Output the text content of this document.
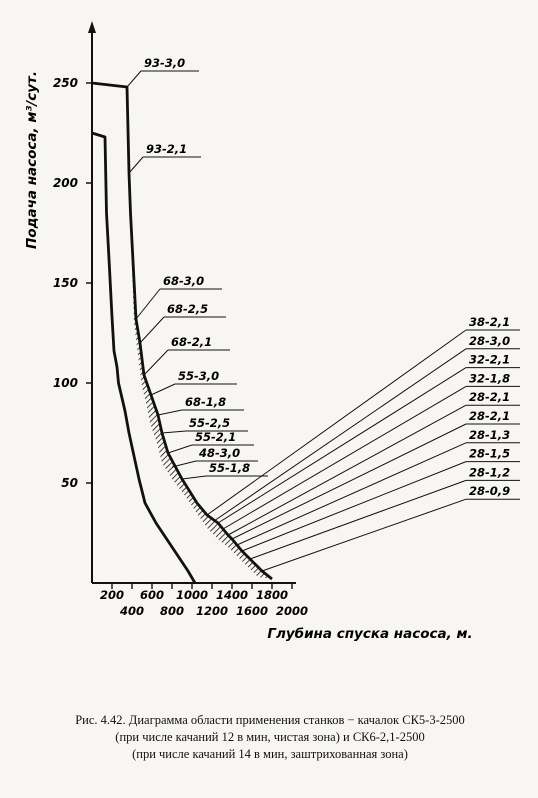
250
200
150
100
50
200 600 1000 1400 1800
400 800 1200 1600 2000
93-3,0
93-2,1
68-3,0
68-2,5
68-2,1
55-3,0
68-1,8
55-2,5
55-2,1
48-3,0
55-1,8
38-2,1
28-3,0
32-2,1
32-1,8
28-2,1
28-2,1
28-1,3
28-1,5
28-1,2
28-0,9
Подача насоса, м³/сут.
Глубина спуска насоса, м.
Рис. 4.42. Диаграмма области применения станков − качалок СК5-3-2500
(при числе качаний 12 в мин, чистая зона) и СК6-2,1-2500
(при числе качаний 14 в мин, заштрихованная зона)
